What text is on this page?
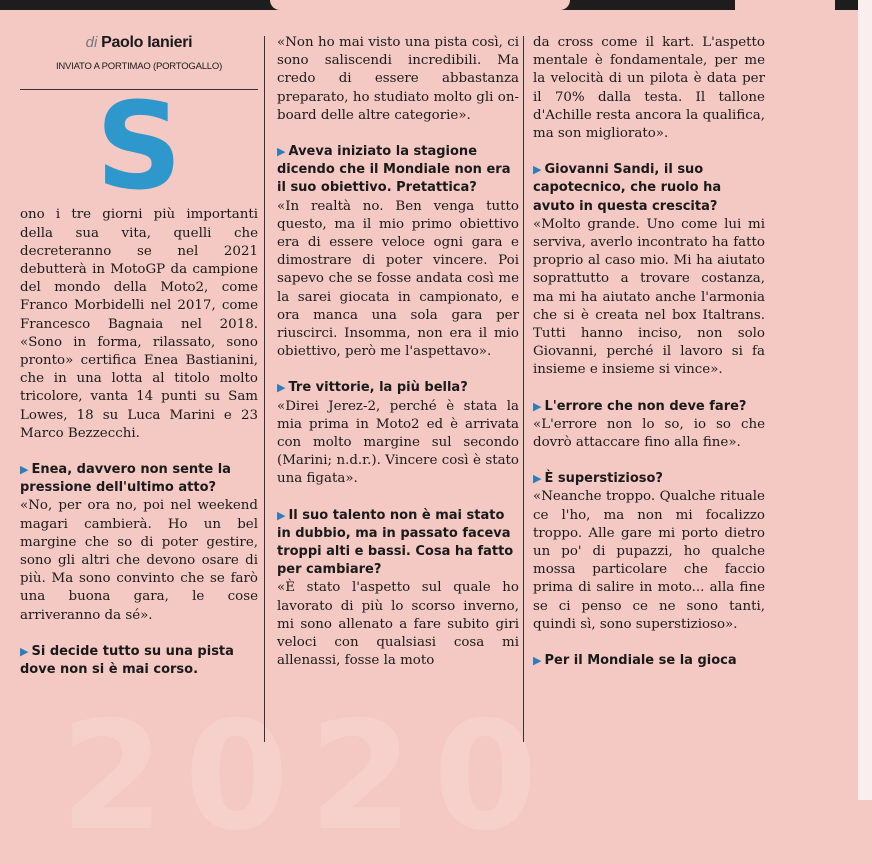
2020
di Paolo Ianieri
INVIATO A PORTIMAO (PORTOGALLO)
S

ono i tre giorni più importanti della sua vita, quelli che decreteranno se nel 2021 debutterà in MotoGP da campione del mondo della Moto2, come Franco Morbidelli nel 2017, come Francesco Bagnaia nel 2018. «Sono in forma, rilassato, sono pronto» certifica Enea Bastianini, che in una lotta al titolo molto tricolore, vanta 14 punti su Sam Lowes, 18 su Luca Marini e 23 Marco Bezzecchi.

▶ Enea, davvero non sente la pressione dell'ultimo atto?

«No, per ora no, poi nel weekend magari cambierà. Ho un bel margine che so di poter gestire, sono gli altri che devono osare di più. Ma sono convinto che se farò una buona gara, le cose arriveranno da sé».

▶ Si decide tutto su una pista dove non si è mai corso.

«Non ho mai visto una pista così, ci sono saliscendi incredibili. Ma credo di essere abbastanza preparato, ho studiato molto gli on-board delle altre categorie».

▶ Aveva iniziato la stagione dicendo che il Mondiale non era il suo obiettivo. Pretattica?

«In realtà no. Ben venga tutto questo, ma il mio primo obiettivo era di essere veloce ogni gara e dimostrare di poter vincere. Poi sapevo che se fosse andata così me la sarei giocata in campionato, e ora manca una sola gara per riuscirci. Insomma, non era il mio obiettivo, però me l'aspettavo».

▶ Tre vittorie, la più bella?

«Direi Jerez-2, perché è stata la mia prima in Moto2 ed è arrivata con molto margine sul secondo (Marini; n.d.r.). Vincere così è stato una figata».

▶ Il suo talento non è mai stato in dubbio, ma in passato faceva troppi alti e bassi. Cosa ha fatto per cambiare?

«È stato l'aspetto sul quale ho lavorato di più lo scorso inverno, mi sono allenato a fare subito giri veloci con qualsiasi cosa mi allenassi, fosse la moto

da cross come il kart. L'aspetto mentale è fondamentale, per me la velocità di un pilota è data per il 70% dalla testa. Il tallone d'Achille resta ancora la qualifica, ma son migliorato».

▶ Giovanni Sandi, il suo capotecnico, che ruolo ha avuto in questa crescita?

«Molto grande. Uno come lui mi serviva, averlo incontrato ha fatto proprio al caso mio. Mi ha aiutato soprattutto a trovare costanza, ma mi ha aiutato anche l'armonia che si è creata nel box Italtrans. Tutti hanno inciso, non solo Giovanni, perché il lavoro si fa insieme e insieme si vince».

▶ L'errore che non deve fare?

«L'errore non lo so, io so che dovrò attaccare fino alla fine».

▶ È superstizioso?

«Neanche troppo. Qualche rituale ce l'ho, ma non mi focalizzo troppo. Alle gare mi porto dietro un po' di pupazzi, ho qualche mossa particolare che faccio prima di salire in moto... alla fine se ci penso ce ne sono tanti, quindi sì, sono superstizioso».

▶ Per il Mondiale se la gioca
